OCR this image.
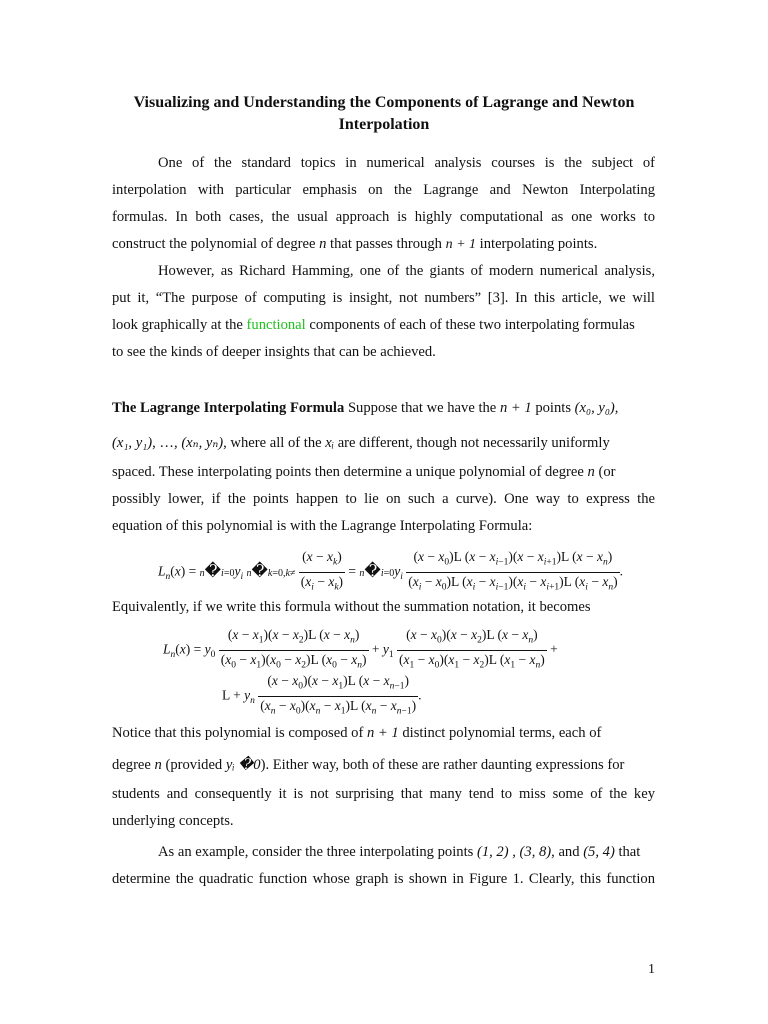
Visualizing and Understanding the Components of Lagrange and Newton Interpolation
One of the standard topics in numerical analysis courses is the subject of
interpolation with particular emphasis on the Lagrange and Newton Interpolating
formulas. In both cases, the usual approach is highly computational as one works to
construct the polynomial of degree n that passes through n + 1 interpolating points.
However, as Richard Hamming, one of the giants of modern numerical analysis,
put it, “The purpose of computing is insight, not numbers” [3]. In this article, we will
look graphically at the functional components of each of these two interpolating formulas
to see the kinds of deeper insights that can be achieved.
The Lagrange Interpolating Formula Suppose that we have the n + 1 points (x₀, y₀),
(x₁, y₁), …, (xₙ, yₙ), where all of the xᵢ are different, though not necessarily uniformly
spaced. These interpolating points then determine a unique polynomial of degree n (or
possibly lower, if the points happen to lie on such a curve). One way to express the
equation of this polynomial is with the Lagrange Interpolating Formula:
$L_n(x)$ = $n�i=0y_i$ n�k=0,k≠ $\frac{(x - x_k)}{(x_i - x_k)}$ = $n�i=0y_i \frac{(x - x_0)L (x - x_{i-1})(x - x_{i+1})L (x - x_n)}{(x_i - x_0)L (x_i - x_{i-1})(x_i - x_{i+1})L (x_i - x_n)}$ .
Equivalently, if we write this formula without the summation notation, it becomes
$L_n(x) = y_0 \frac{(x - x_1)(x - x_2)L (x - x_n)}{(x_0 - x_1)(x_0 - x_2)L (x_0 - x_n)} + y_1 \frac{(x - x_0)(x - x_2)L (x - x_n)}{(x_1 - x_0)(x_1 - x_2)L (x_1 - x_n)}$ +
$L + y_n \frac{(x - x_0)(x - x_1)L (x - x_{n-1})}{(x_n - x_0)(x_n - x_1)L (x_n - x_{n-1})}$ .
Notice that this polynomial is composed of n + 1 distinct polynomial terms, each of
degree n (provided yᵢ �0). Either way, both of these are rather daunting expressions for
students and consequently it is not surprising that many tend to miss some of the key
underlying concepts.
As an example, consider the three interpolating points (1, 2) , (3, 8), and (5, 4) that
determine the quadratic function whose graph is shown in Figure 1. Clearly, this function
1
